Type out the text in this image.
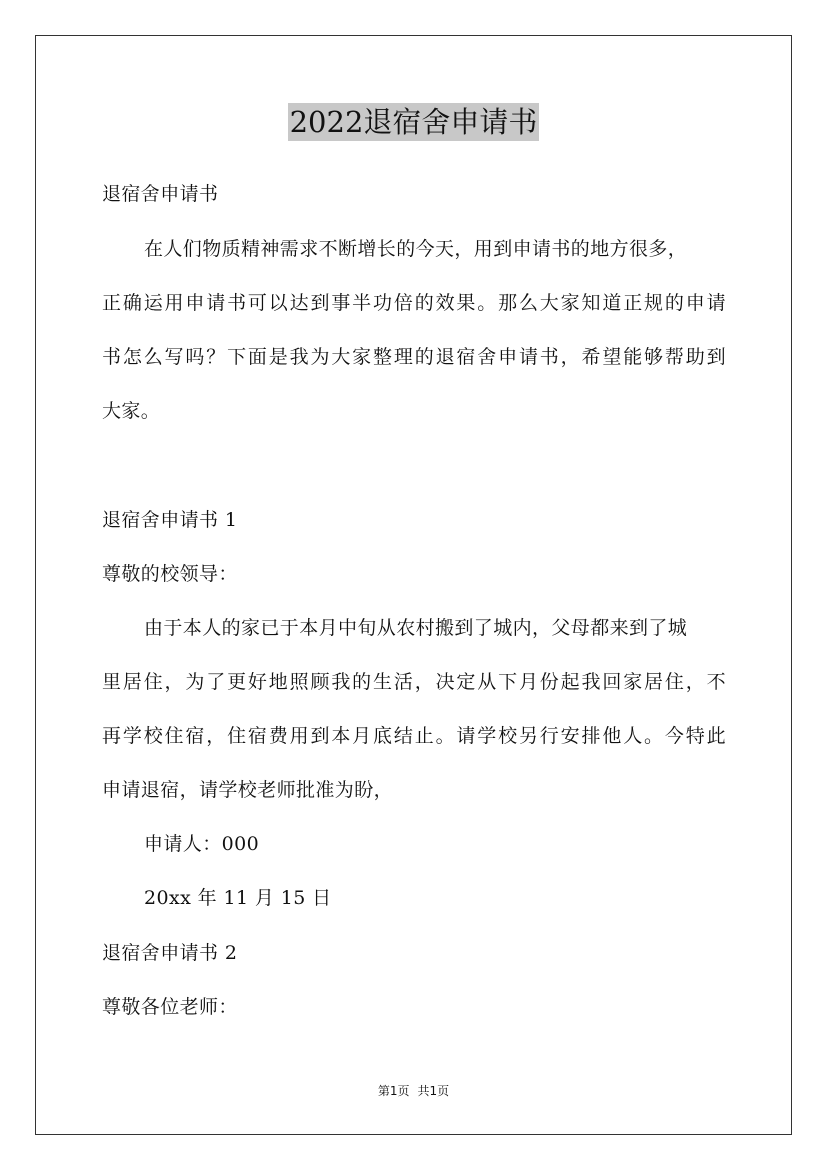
2022退宿舍申请书
退宿舍申请书
在人们物质精神需求不断增长的今天，用到申请书的地方很多，
正确运用申请书可以达到事半功倍的效果。那么大家知道正规的申请
书怎么写吗？下面是我为大家整理的退宿舍申请书，希望能够帮助到
大家。
退宿舍申请书 1
尊敬的校领导：
由于本人的家已于本月中旬从农村搬到了城内，父母都来到了城
里居住，为了更好地照顾我的生活，决定从下月份起我回家居住，不
再学校住宿，住宿费用到本月底结止。请学校另行安排他人。今特此
申请退宿，请学校老师批准为盼，
申请人：000
20xx 年 11 月 15 日
退宿舍申请书 2
尊敬各位老师：
第1页 共1页
